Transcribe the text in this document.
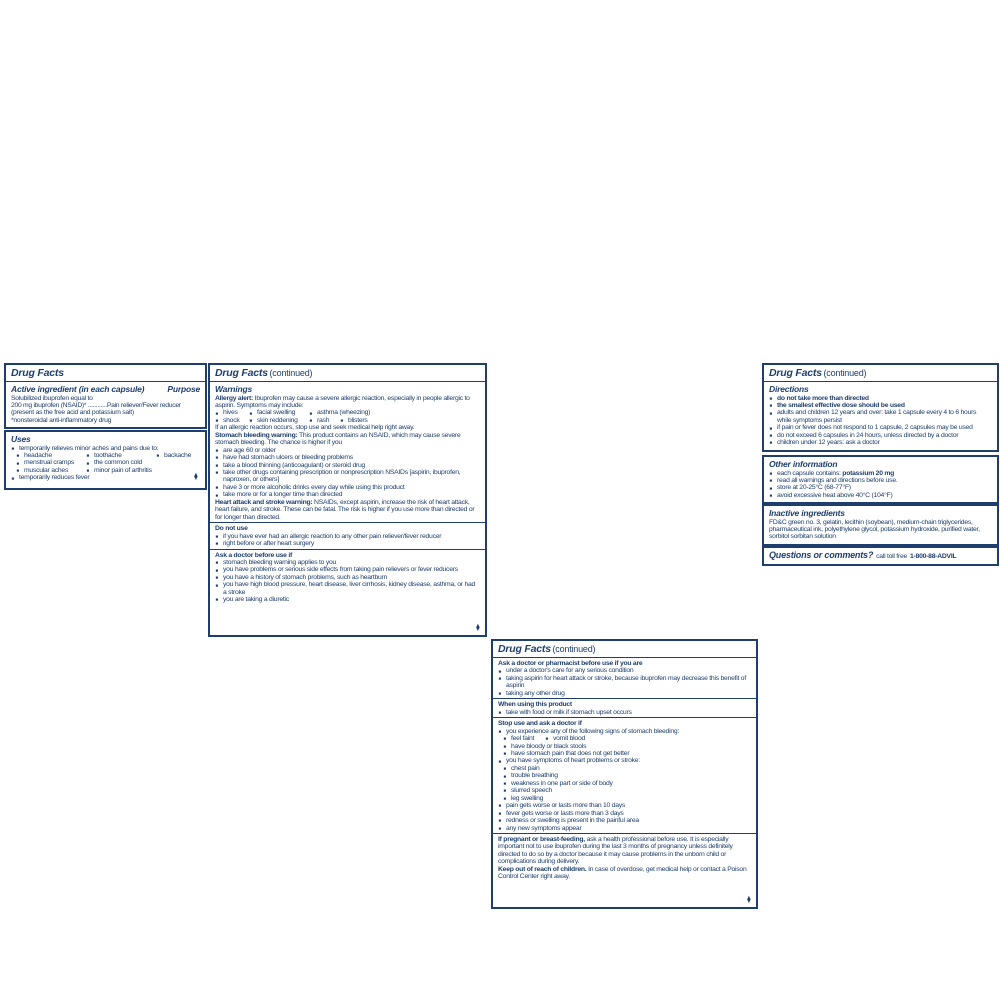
Drug Facts
Active ingredient (in each capsule)	Purpose
Solubilized ibuprofen equal to
200 mg ibuprofen (NSAID)* ............Pain reliever/Fever reducer
(present as the free acid and potassium salt)
*nonsteroidal anti-inflammatory drug
Uses
■ temporarily relieves minor aches and pains due to:
■ headache	■ toothache	■ backache
■ menstrual cramps	■ the common cold
■ muscular aches	■ minor pain of arthritis
■ temporarily reduces fever	♦
Drug Facts (continued)
Warnings
Allergy alert: Ibuprofen may cause a severe allergic reaction, especially in people allergic to aspirin. Symptoms may include:
■ hives	■ facial swelling	■ asthma (wheezing)
■ shock	■ skin reddening	■ rash	■ blisters
If an allergic reaction occurs, stop use and seek medical help right away.
Stomach bleeding warning: This product contains an NSAID, which may cause severe stomach bleeding. The chance is higher if you
■ are age 60 or older
■ have had stomach ulcers or bleeding problems
■ take a blood thinning (anticoagulant) or steroid drug
■ take other drugs containing prescription or nonprescription NSAIDs [aspirin, ibuprofen, naproxen, or others]
■ have 3 or more alcoholic drinks every day while using this product
■ take more or for a longer time than directed
Heart attack and stroke warning: NSAIDs, except aspirin, increase the risk of heart attack, heart failure, and stroke. These can be fatal. The risk is higher if you use more than directed or for longer than directed.
Do not use
■ if you have ever had an allergic reaction to any other pain reliever/fever reducer
■ right before or after heart surgery
Ask a doctor before use if
■ stomach bleeding warning applies to you
■ you have problems or serious side effects from taking pain relievers or fever reducers
■ you have a history of stomach problems, such as heartburn
■ you have high blood pressure, heart disease, liver cirrhosis, kidney disease, asthma, or had a stroke
■ you are taking a diuretic
♦
Drug Facts (continued)
Ask a doctor or pharmacist before use if you are
■ under a doctor's care for any serious condition
■ taking aspirin for heart attack or stroke, because ibuprofen may decrease this benefit of aspirin
■ taking any other drug
When using this product
■ take with food or milk if stomach upset occurs
Stop use and ask a doctor if
■ you experience any of the following signs of stomach bleeding:
■ feel faint	■ vomit blood
■ have bloody or black stools
■ have stomach pain that does not get better
■ you have symptoms of heart problems or stroke:
■ chest pain
■ trouble breathing
■ weakness in one part or side of body
■ slurred speech
■ leg swelling
■ pain gets worse or lasts more than 10 days
■ fever gets worse or lasts more than 3 days
■ redness or swelling is present in the painful area
■ any new symptoms appear
If pregnant or breast-feeding, ask a health professional before use. It is especially important not to use ibuprofen during the last 3 months of pregnancy unless definitely directed to do so by a doctor because it may cause problems in the unborn child or complications during delivery.
Keep out of reach of children. In case of overdose, get medical help or contact a Poison Control Center right away.
♦
Drug Facts (continued)
Directions
■ do not take more than directed
■ the smallest effective dose should be used
■ adults and children 12 years and over: take 1 capsule every 4 to 6 hours while symptoms persist
■ if pain or fever does not respond to 1 capsule, 2 capsules may be used
■ do not exceed 6 capsules in 24 hours, unless directed by a doctor
■ children under 12 years: ask a doctor
Other information
■ each capsule contains: potassium 20 mg
■ read all warnings and directions before use.
■ store at 20-25°C (68-77°F)
■ avoid excessive heat above 40°C (104°F)
Inactive ingredients
FD&C green no. 3, gelatin, lecithin (soybean), medium-chain triglycerides, pharmaceutical ink, polyethylene glycol, potassium hydroxide, purified water, sorbitol sorbitan solution
Questions or comments? call toll free 1-800-88-ADVIL
